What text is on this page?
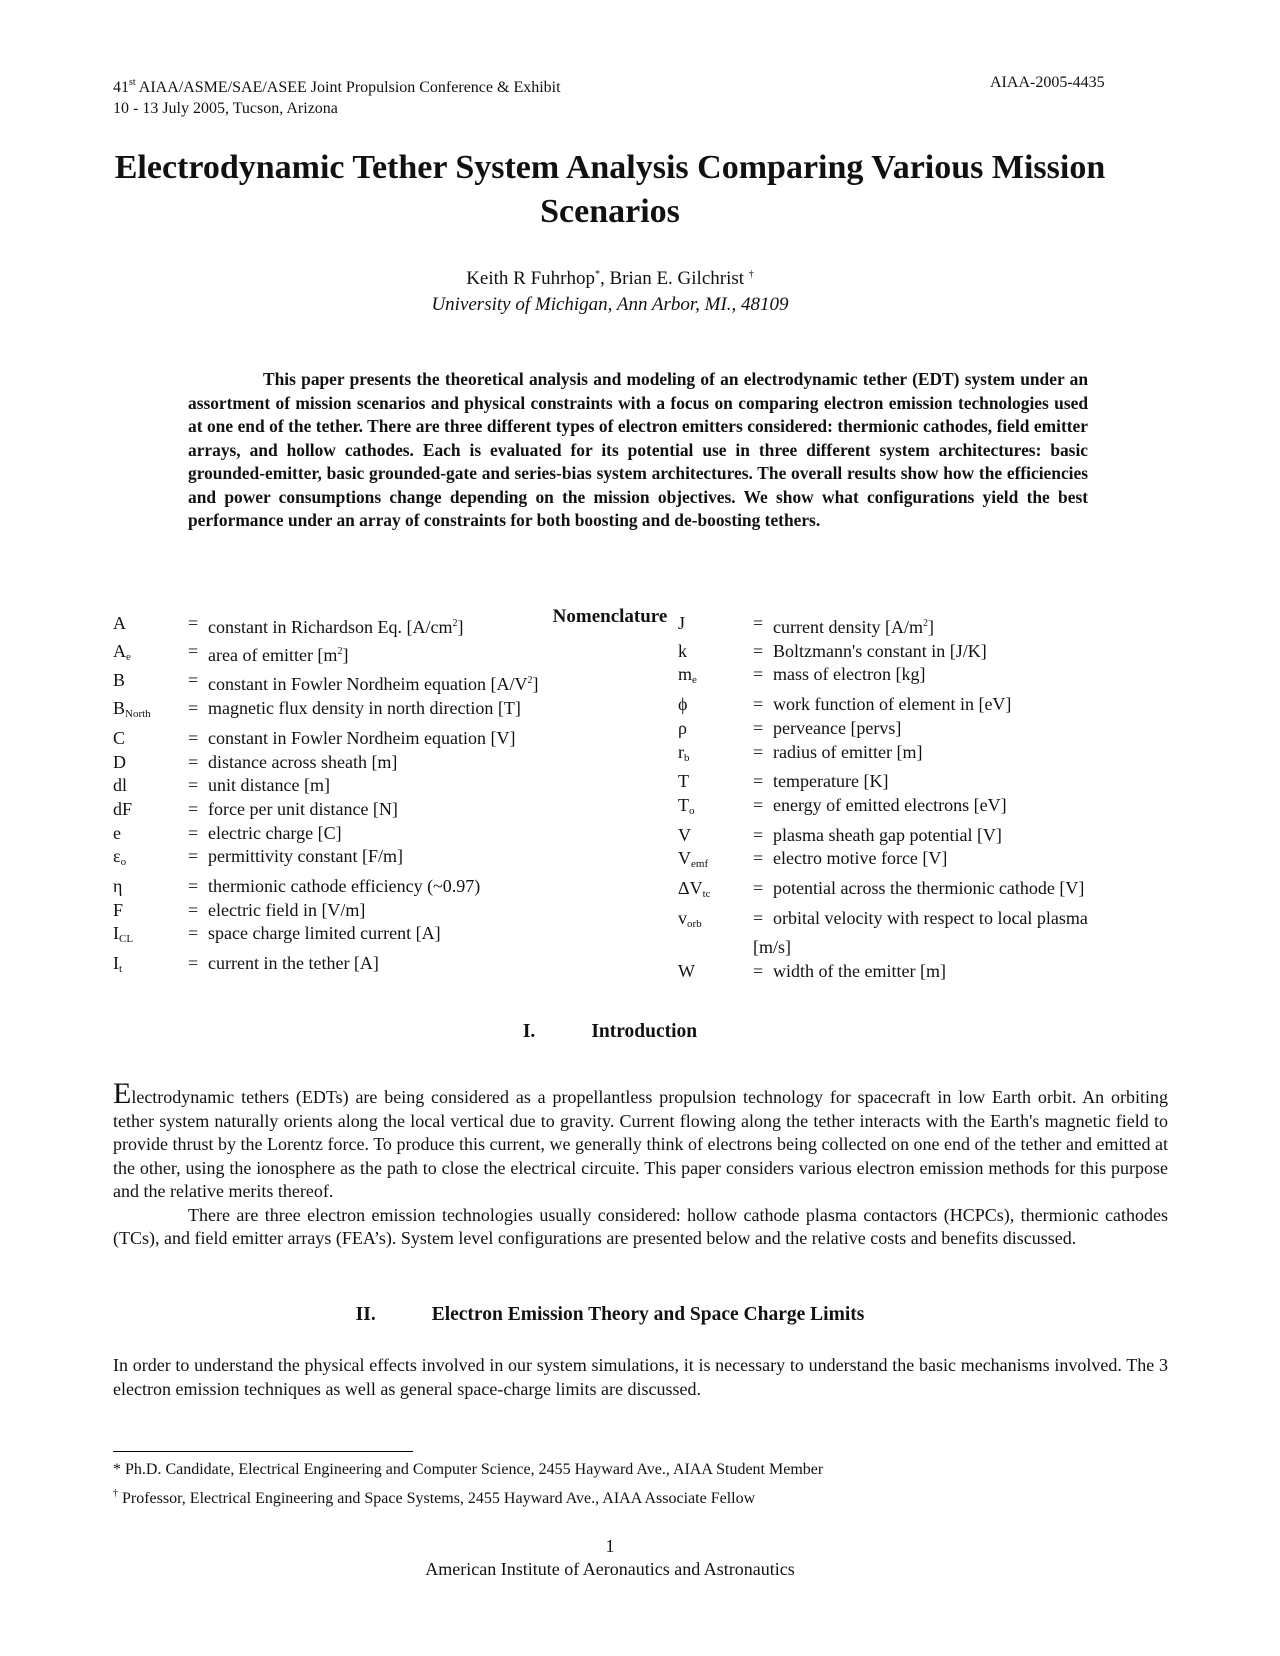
41st AIAA/ASME/SAE/ASEE Joint Propulsion Conference & Exhibit
10 - 13 July 2005, Tucson, Arizona
AIAA-2005-4435
Electrodynamic Tether System Analysis Comparing Various Mission Scenarios
Keith R Fuhrhop*, Brian E. Gilchrist †
University of Michigan, Ann Arbor, MI., 48109
This paper presents the theoretical analysis and modeling of an electrodynamic tether (EDT) system under an assortment of mission scenarios and physical constraints with a focus on comparing electron emission technologies used at one end of the tether. There are three different types of electron emitters considered: thermionic cathodes, field emitter arrays, and hollow cathodes. Each is evaluated for its potential use in three different system architectures: basic grounded-emitter, basic grounded-gate and series-bias system architectures. The overall results show how the efficiencies and power consumptions change depending on the mission objectives. We show what configurations yield the best performance under an array of constraints for both boosting and de-boosting tethers.
Nomenclature
A	= constant in Richardson Eq. $[A/cm^2]$
$A_e$	= area of emitter $[m^2]$
B	= constant in Fowler Nordheim equation $[A/V^2]$
$B_{North}$	= magnetic flux density in north direction [T]
C	= constant in Fowler Nordheim equation [V]
D	= distance across sheath [m]
dl	= unit distance [m]
dF	= force per unit distance [N]
e	= electric charge [C]
$\varepsilon_o$	= permittivity constant [F/m]
η	= thermionic cathode efficiency (~0.97)
F	= electric field in [V/m]
$I_{CL}$	= space charge limited current [A]
$I_t$	= current in the tether [A]
J	= current density $[A/m^2]$
k	= Boltzmann's constant in [J/K]
$m_e$	= mass of electron [kg]
ϕ	= work function of element in [eV]
ρ	= perveance [pervs]
$r_b$	= radius of emitter [m]
T	= temperature [K]
$T_o$	= energy of emitted electrons [eV]
V	= plasma sheath gap potential [V]
$V_{emf}$	= electro motive force [V]
$\Delta V_{tc}$	= potential across the thermionic cathode [V]
$v_{orb}$	= orbital velocity with respect to local plasma
[m/s]
W	= width of the emitter [m]
I.	Introduction

Electrodynamic tethers (EDTs) are being considered as a propellantless propulsion technology for spacecraft in low Earth orbit. An orbiting tether system naturally orients along the local vertical due to gravity. Current flowing along the tether interacts with the Earth's magnetic field to provide thrust by the Lorentz force. To produce this current, we generally think of electrons being collected on one end of the tether and emitted at the other, using the ionosphere as the path to close the electrical circuite. This paper considers various electron emission methods for this purpose and the relative merits thereof.

There are three electron emission technologies usually considered: hollow cathode plasma contactors (HCPCs), thermionic cathodes (TCs), and field emitter arrays (FEA’s). System level configurations are presented below and the relative costs and benefits discussed.

II.	Electron Emission Theory and Space Charge Limits
In order to understand the physical effects involved in our system simulations, it is necessary to understand the basic mechanisms involved. The 3 electron emission techniques as well as general space-charge limits are discussed.
* Ph.D. Candidate, Electrical Engineering and Computer Science, 2455 Hayward Ave., AIAA Student Member
† Professor, Electrical Engineering and Space Systems, 2455 Hayward Ave., AIAA Associate Fellow
1
American Institute of Aeronautics and Astronautics
